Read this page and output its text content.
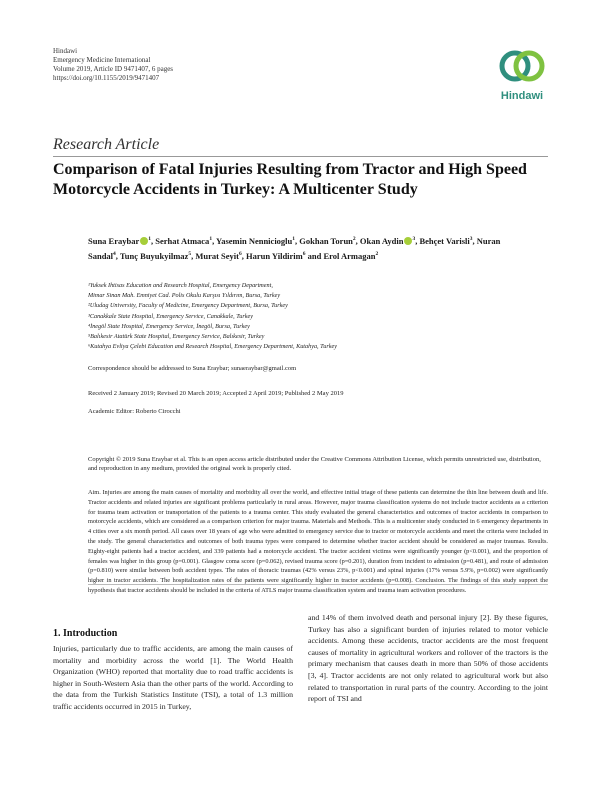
Hindawi
Emergency Medicine International
Volume 2019, Article ID 9471407, 6 pages
https://doi.org/10.1155/2019/9471407
Hindawi
Research Article
Comparison of Fatal Injuries Resulting from Tractor and High Speed Motorcycle Accidents in Turkey: A Multicenter Study
Suna Eraybar $^1$, Serhat Atmaca$^1$, Yasemin Nennicioglu$^1$, Gokhan Torun$^2$, Okan Aydin $^3$, Behçet Varisli$^3$, Nuran Sandal$^4$, Tunç Buyukyilmaz$^5$, Murat Seyit$^6$, Harun Yildirim$^6$ and Erol Armagan$^2$
¹Yuksek Ihtisas Education and Research Hospital, Emergency Department,
Mimar Sinan Mah. Emniyet Cad. Polis Okulu Karşısı Yıldırım, Bursa, Turkey
²Uludag University, Faculty of Medicine, Emergency Department, Bursa, Turkey
³Canakkale State Hospital, Emergency Service, Canakkale, Turkey
⁴İnegöl State Hospital, Emergency Service, İnegöl, Bursa, Turkey
⁵Balıkesir Atatürk State Hospital, Emergency Service, Balıkesir, Turkey
⁶Kutahya Evliya Çelebi Education and Research Hospital, Emergency Department, Kutahya, Turkey
Correspondence should be addressed to Suna Eraybar; sunaeraybar@gmail.com
Received 2 January 2019; Revised 20 March 2019; Accepted 2 April 2019; Published 2 May 2019
Academic Editor: Roberto Cirocchi
Copyright © 2019 Suna Eraybar et al. This is an open access article distributed under the Creative Commons Attribution License, which permits unrestricted use, distribution, and reproduction in any medium, provided the original work is properly cited.
Aim. Injuries are among the main causes of mortality and morbidity all over the world, and effective initial triage of these patients can determine the thin line between death and life. Tractor accidents and related injuries are significant problems particularly in rural areas. However, major trauma classification systems do not include tractor accidents as a criterion for trauma team activation or transportation of the patients to a trauma center. This study evaluated the general characteristics and outcomes of tractor accidents in comparison to motorcycle accidents, which are considered as a comparison criterion for major trauma. Materials and Methods. This is a multicenter study conducted in 6 emergency departments in 4 cities over a six month period. All cases over 18 years of age who were admitted to emergency service due to tractor or motorcycle accidents and meet the criteria were included in the study. The general characteristics and outcomes of both trauma types were compared to determine whether tractor accident should be considered as major traumas. Results. Eighty-eight patients had a tractor accident, and 339 patients had a motorcycle accident. The tractor accident victims were significantly younger (p<0.001), and the proportion of females was higher in this group (p=0.001). Glasgow coma score (p=0.062), revised trauma score (p=0.201), duration from incident to admission (p=0.481), and route of admission (p=0.810) were similar between both accident types. The rates of thoracic traumas (42% versus 23%, p<0.001) and spinal injuries (17% versus 5.9%, p=0.002) were significantly higher in tractor accidents. The hospitalization rates of the patients were significantly higher in tractor accidents (p=0.008). Conclusion. The findings of this study support the hypothesis that tractor accidents should be included in the criteria of ATLS major trauma classification system and trauma team activation procedures.
1. Introduction
Injuries, particularly due to traffic accidents, are among the main causes of mortality and morbidity across the world [1]. The World Health Organization (WHO) reported that mortality due to road traffic accidents is higher in South-Western Asia than the other parts of the world. According to the data from the Turkish Statistics Institute (TSI), a total of 1.3 million traffic accidents occurred in 2015 in Turkey,
and 14% of them involved death and personal injury [2]. By these figures, Turkey has also a significant burden of injuries related to motor vehicle accidents. Among these accidents, tractor accidents are the most frequent causes of mortality in agricultural workers and rollover of the tractors is the primary mechanism that causes death in more than 50% of those accidents [3, 4]. Tractor accidents are not only related to agricultural work but also related to transportation in rural parts of the country. According to the joint report of TSI and
